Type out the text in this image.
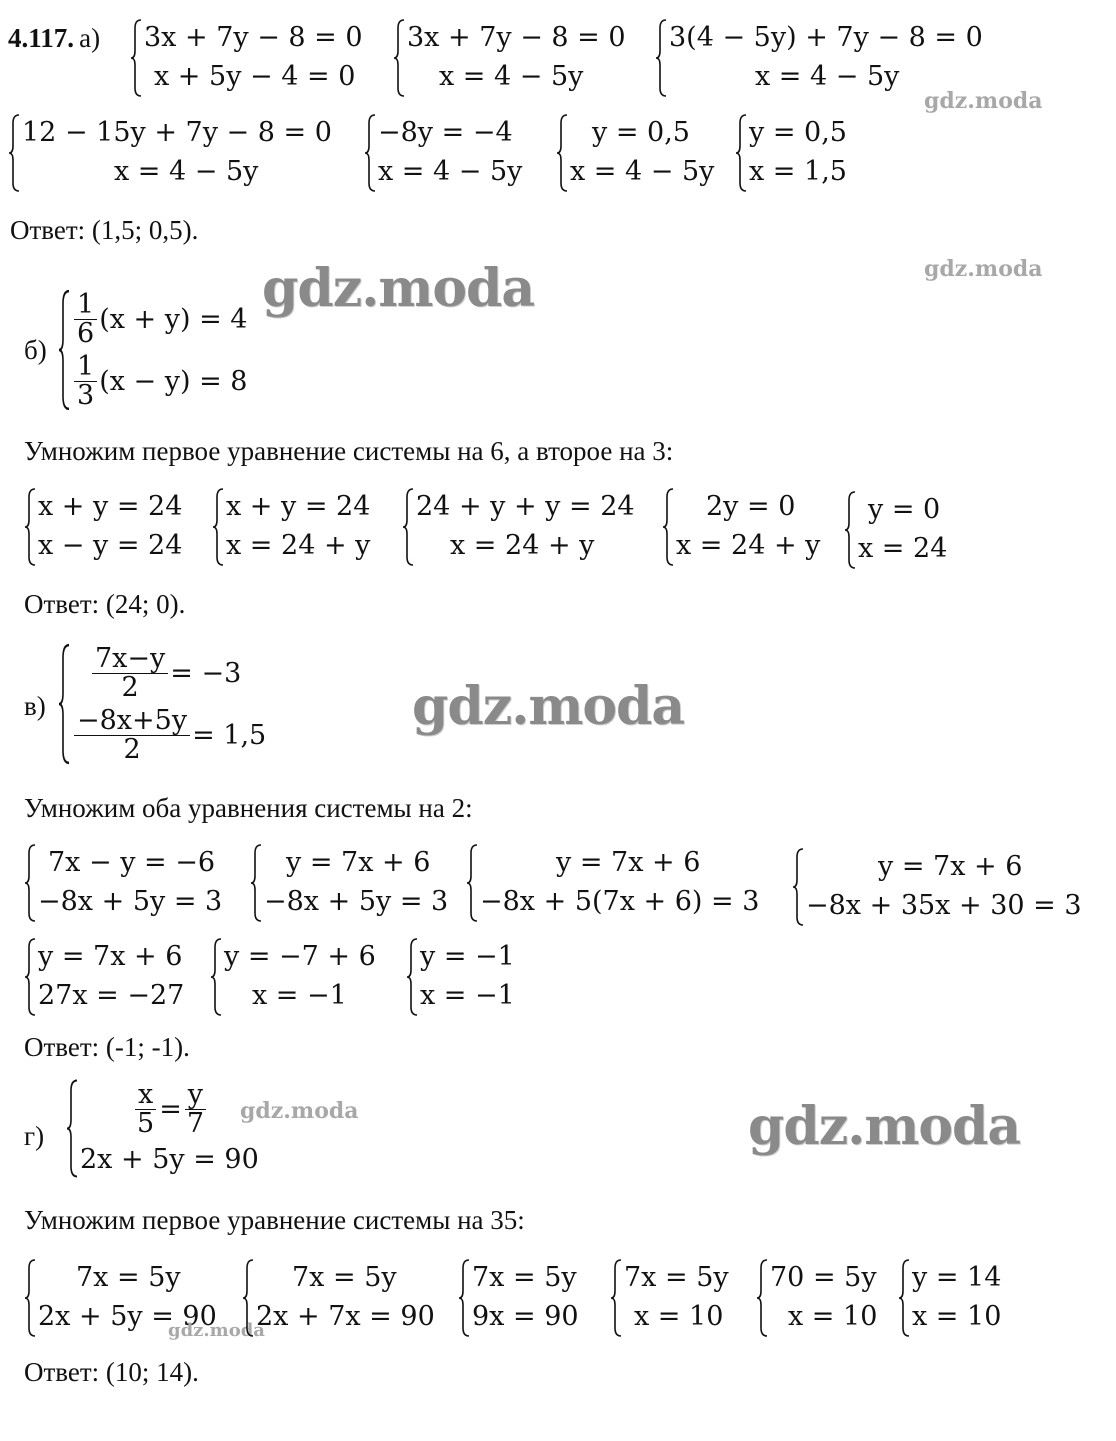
4.117. а) 3x + 7y − 8 = 0
x + 5y − 4 = 0
3x + 7y − 8 = 0
x = 4 − 5y
3(4 − 5y) + 7y − 8 = 0
x = 4 − 5y
gdz.moda
12 − 15y + 7y − 8 = 0
x = 4 − 5y
−8y = −4
x = 4 − 5y
y = 0,5
x = 4 − 5y
y = 0,5
x = 1,5
Ответ: (1,5; 0,5).
gdz.moda
gdz.moda
б)
$\frac{1}{6} (x + y) = 4$
$\frac{1}{3} (x - y) = 8$
Умножим первое уравнение системы на 6, а второе на 3:
x + y = 24
x − y = 24
x + y = 24
x = 24 + y
24 + y + y = 24
x = 24 + y
2y = 0
x = 24 + y
y = 0
x = 24
Ответ: (24; 0).
в)
$\frac{7x-y}{2} = -3$
$\frac{-8x+5y}{2} = 1,5$	gdz.moda
Умножим оба уравнения системы на 2:
7x − y = −6
−8x + 5y = 3
y = 7x + 6
−8x + 5y = 3
y = 7x + 6
−8x + 5(7x + 6) = 3
y = 7x + 6
−8x + 35x + 30 = 3
y = 7x + 6
27x = −27
y = −7 + 6
x = −1
y = −1
x = −1
Ответ: (-1; -1).
г)	$\frac{x}{5} = \frac{y}{7}$
2x + 5y = 90
gdz.moda	gdz.moda
Умножим первое уравнение системы на 35:
7x = 5y
2x + 5y = 90
gdz.moda
7x = 5y
2x + 7x = 90
7x = 5y
9x = 90
7x = 5y
x = 10
70 = 5y
x = 10
y = 14
x = 10
Ответ: (10; 14).
